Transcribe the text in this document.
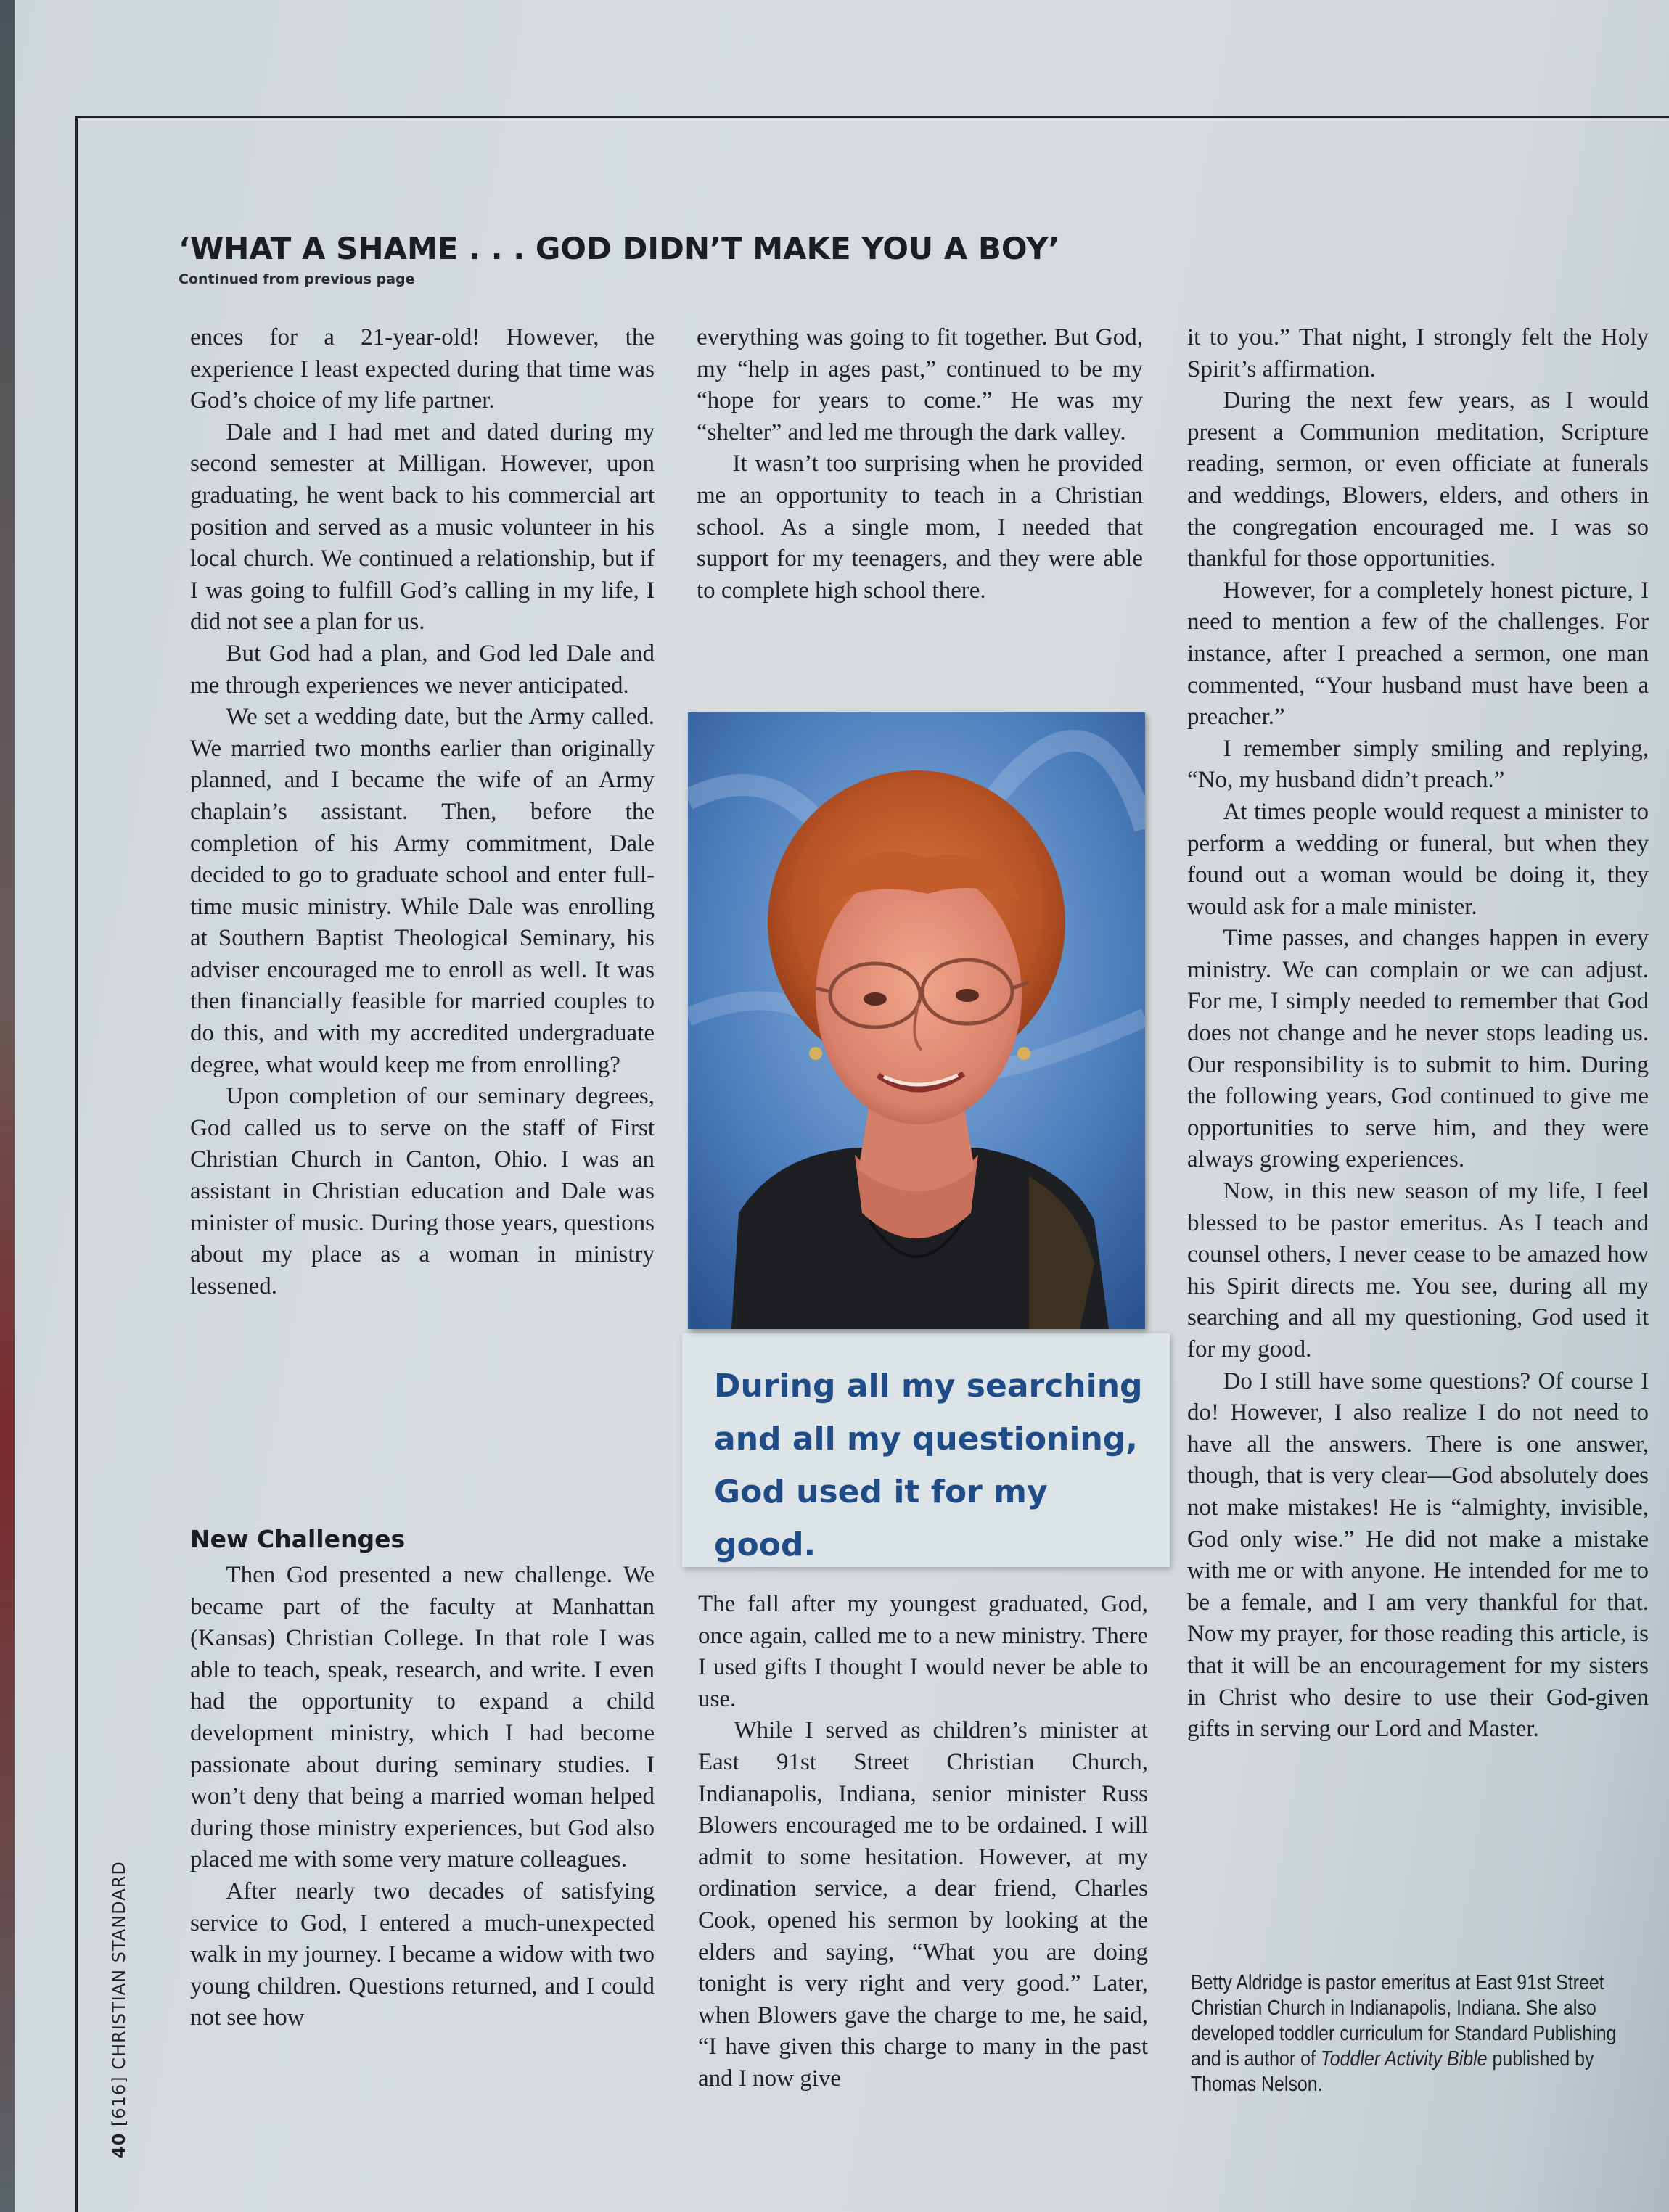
‘WHAT A SHAME . . . GOD DIDN’T MAKE YOU A BOY’
Continued from previous page

ences for a 21-year-old! However, the experience I least expected during that time was God’s choice of my life partner.

Dale and I had met and dated during my second semester at Milligan. However, upon graduating, he went back to his commercial art position and served as a music volunteer in his local church. We continued a relationship, but if I was going to fulfill God’s calling in my life, I did not see a plan for us.

But God had a plan, and God led Dale and me through experiences we never anticipated.

We set a wedding date, but the Army called. We married two months earlier than originally planned, and I became the wife of an Army chaplain’s assistant. Then, before the completion of his Army commitment, Dale decided to go to graduate school and enter full-time music ministry. While Dale was enrolling at Southern Baptist Theological Seminary, his adviser encouraged me to enroll as well. It was then financially feasible for married couples to do this, and with my accredited undergraduate degree, what would keep me from enrolling?

Upon completion of our seminary degrees, God called us to serve on the staff of First Christian Church in Canton, Ohio. I was an assistant in Christian education and Dale was minister of music. During those years, questions about my place as a woman in ministry lessened.

New Challenges

Then God presented a new challenge. We became part of the faculty at Manhattan (Kansas) Christian College. In that role I was able to teach, speak, research, and write. I even had the opportunity to expand a child development ministry, which I had become passionate about during seminary studies. I won’t deny that being a married woman helped during those ministry experiences, but God also placed me with some very mature colleagues.

After nearly two decades of satisfying service to God, I entered a much-unexpected walk in my journey. I became a widow with two young children. Questions returned, and I could not see how

everything was going to fit together. But God, my “help in ages past,” continued to be my “hope for years to come.” He was my “shelter” and led me through the dark valley.

It wasn’t too surprising when he provided me an opportunity to teach in a Christian school. As a single mom, I needed that support for my teenagers, and they were able to complete high school there.

During all my searching and all my questioning, God used it for my good.

The fall after my youngest graduated, God, once again, called me to a new ministry. There I used gifts I thought I would never be able to use.

While I served as children’s minister at East 91st Street Christian Church, Indianapolis, Indiana, senior minister Russ Blowers encouraged me to be ordained. I will admit to some hesitation. However, at my ordination service, a dear friend, Charles Cook, opened his sermon by looking at the elders and saying, “What you are doing tonight is very right and very good.” Later, when Blowers gave the charge to me, he said, “I have given this charge to many in the past and I now give

it to you.” That night, I strongly felt the Holy Spirit’s affirmation.

During the next few years, as I would present a Communion meditation, Scripture reading, sermon, or even officiate at funerals and weddings, Blowers, elders, and others in the congregation encouraged me. I was so thankful for those opportunities.

However, for a completely honest picture, I need to mention a few of the challenges. For instance, after I preached a sermon, one man commented, “Your husband must have been a preacher.”

I remember simply smiling and replying, “No, my husband didn’t preach.”

At times people would request a minister to perform a wedding or funeral, but when they found out a woman would be doing it, they would ask for a male minister.

Time passes, and changes happen in every ministry. We can complain or we can adjust. For me, I simply needed to remember that God does not change and he never stops leading us. Our responsibility is to submit to him. During the following years, God continued to give me opportunities to serve him, and they were always growing experiences.

Now, in this new season of my life, I feel blessed to be pastor emeritus. As I teach and counsel others, I never cease to be amazed how his Spirit directs me. You see, during all my searching and all my questioning, God used it for my good.

Do I still have some questions? Of course I do! However, I also realize I do not need to have all the answers. There is one answer, though, that is very clear—God absolutely does not make mistakes! He is “almighty, invisible, God only wise.” He did not make a mistake with me or with anyone. He intended for me to be a female, and I am very thankful for that. Now my prayer, for those reading this article, is that it will be an encouragement for my sisters in Christ who desire to use their God-given gifts in serving our Lord and Master.

Betty Aldridge is pastor emeritus at East 91st Street Christian Church in Indianapolis, Indiana. She also developed toddler curriculum for Standard Publishing and is author of Toddler Activity Bible published by Thomas Nelson.
40 [616] CHRISTIAN STANDARD
